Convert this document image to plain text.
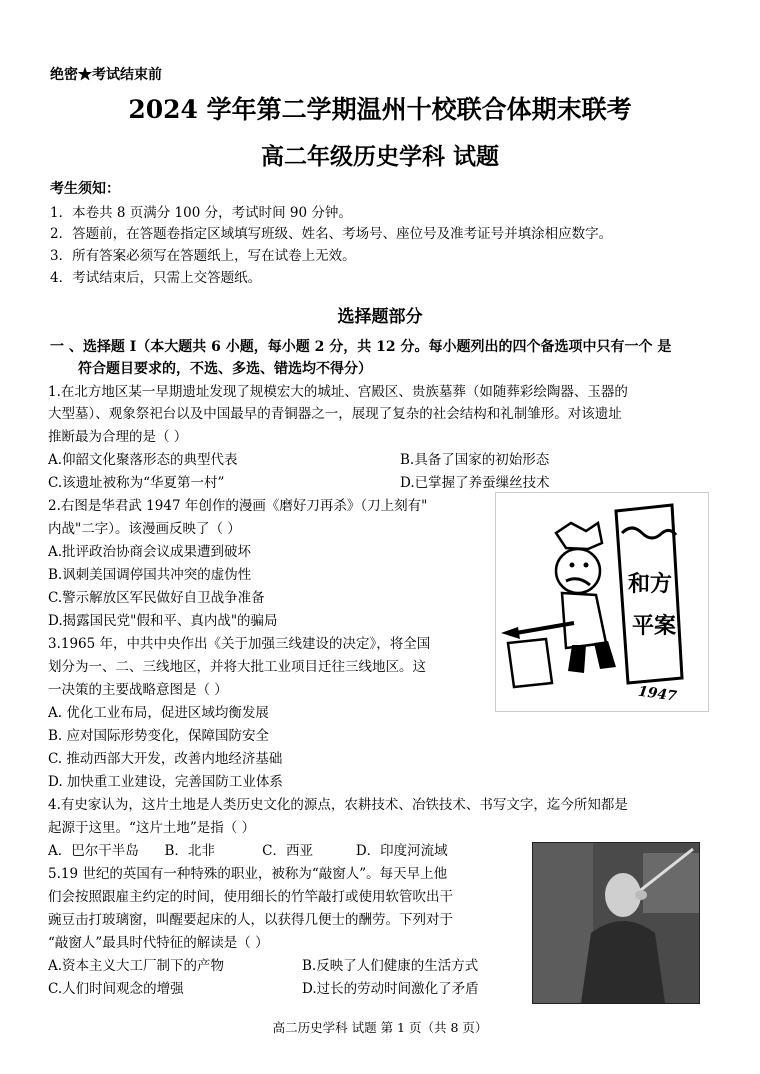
绝密★考试结束前
2024 学年第二学期温州十校联合体期末联考
高二年级历史学科 试题
考生须知：
1．本卷共 8 页满分 100 分，考试时间 90 分钟。
2．答题前，在答题卷指定区域填写班级、姓名、考场号、座位号及准考证号并填涂相应数字。
3．所有答案必须写在答题纸上，写在试卷上无效。
4．考试结束后，只需上交答题纸。
选择题部分
一 、选择题 I（本大题共 6 小题，每小题 2 分，共 12 分。每小题列出的四个备选项中只有一个 是
符合题目要求的，不选、多选、错选均不得分）
1.在北方地区某一早期遗址发现了规模宏大的城址、宫殿区、贵族墓葬（如随葬彩绘陶器、玉器的
大型墓）、观象祭祀台以及中国最早的青铜器之一，展现了复杂的社会结构和礼制雏形。对该遗址
推断最为合理的是（ ）
A.仰韶文化聚落形态的典型代表	B.具备了国家的初始形态
C.该遗址被称为“华夏第一村”	D.已掌握了养蚕缫丝技术
2.右图是华君武 1947 年创作的漫画《磨好刀再杀》（刀上刻有"
内战"二字）。该漫画反映了（ ）
A.批评政治协商会议成果遭到破坏
B.讽刺美国调停国共冲突的虚伪性
C.警示解放区军民做好自卫战争准备
D.揭露国民党"假和平、真内战"的骗局
和方
平案
1947
3.1965 年，中共中央作出《关于加强三线建设的决定》，将全国
划分为一、二、三线地区，并将大批工业项目迁往三线地区。这
一决策的主要战略意图是（ ）
A. 优化工业布局，促进区域均衡发展
B. 应对国际形势变化，保障国防安全
C. 推动西部大开发，改善内地经济基础
D. 加快重工业建设，完善国防工业体系
4.有史家认为，这片土地是人类历史文化的源点，农耕技术、冶铁技术、书写文字，迄今所知都是
起源于这里。“这片土地”是指（ ）
A．巴尔干半岛      B．北非           C．西亚          D．印度河流域
5.19 世纪的英国有一种特殊的职业，被称为“敲窗人”。每天早上他
们会按照跟雇主约定的时间，使用细长的竹竿敲打或使用软管吹出干
豌豆击打玻璃窗，叫醒要起床的人，以获得几便士的酬劳。下列对于
“敲窗人”最具时代特征的解读是（ ）
A.资本主义大工厂制下的产物	B.反映了人们健康的生活方式
C.人们时间观念的增强	D.过长的劳动时间激化了矛盾
高二历史学科 试题 第 1 页（共 8 页）
